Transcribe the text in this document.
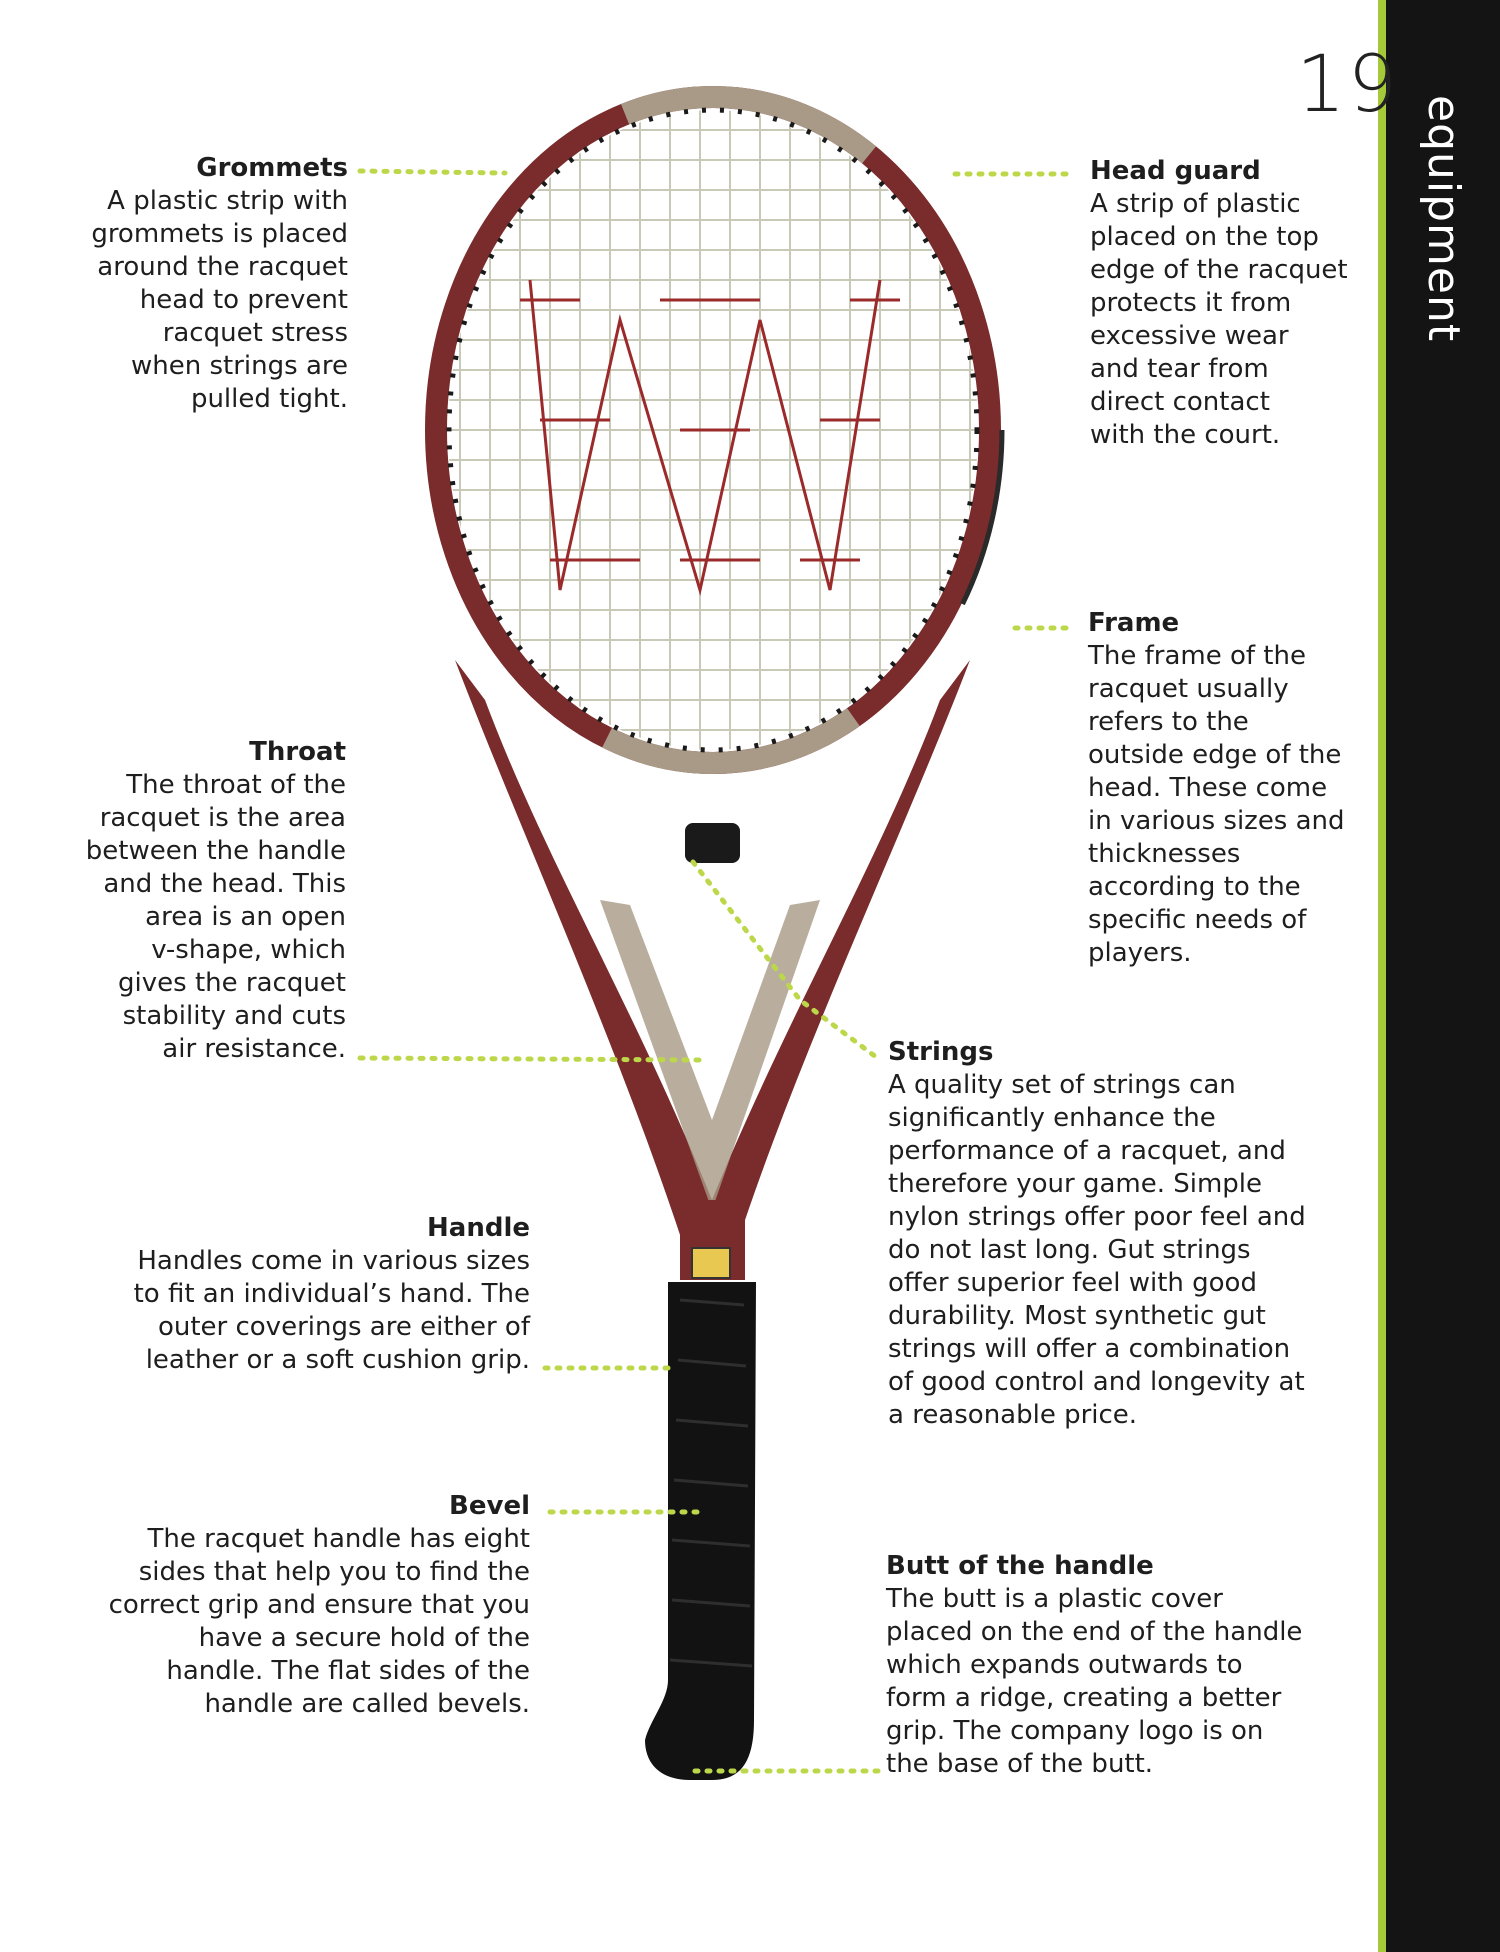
equipment
19
Grommets
A plastic strip with
grommets is placed
around the racquet
head to prevent
racquet stress
when strings are
pulled tight.
Head guard
A strip of plastic
placed on the top
edge of the racquet
protects it from
excessive wear
and tear from
direct contact
with the court.
Frame
The frame of the
racquet usually
refers to the
outside edge of the
head. These come
in various sizes and
thicknesses
according to the
specific needs of
players.
Throat
The throat of the
racquet is the area
between the handle
and the head. This
area is an open
v-shape, which
gives the racquet
stability and cuts
air resistance.	Strings
A quality set of strings can
significantly enhance the
performance of a racquet, and
therefore your game. Simple
nylon strings offer poor feel and
do not last long. Gut strings
offer superior feel with good
durability. Most synthetic gut
strings will offer a combination
of good control and longevity at
a reasonable price.
Handle
Handles come in various sizes
to fit an individual’s hand. The
outer coverings are either of
leather or a soft cushion grip.
Bevel
The racquet handle has eight
sides that help you to find the
correct grip and ensure that you
have a secure hold of the
handle. The flat sides of the
handle are called bevels.
Butt of the handle
The butt is a plastic cover
placed on the end of the handle
which expands outwards to
form a ridge, creating a better
grip. The company logo is on
the base of the butt.
